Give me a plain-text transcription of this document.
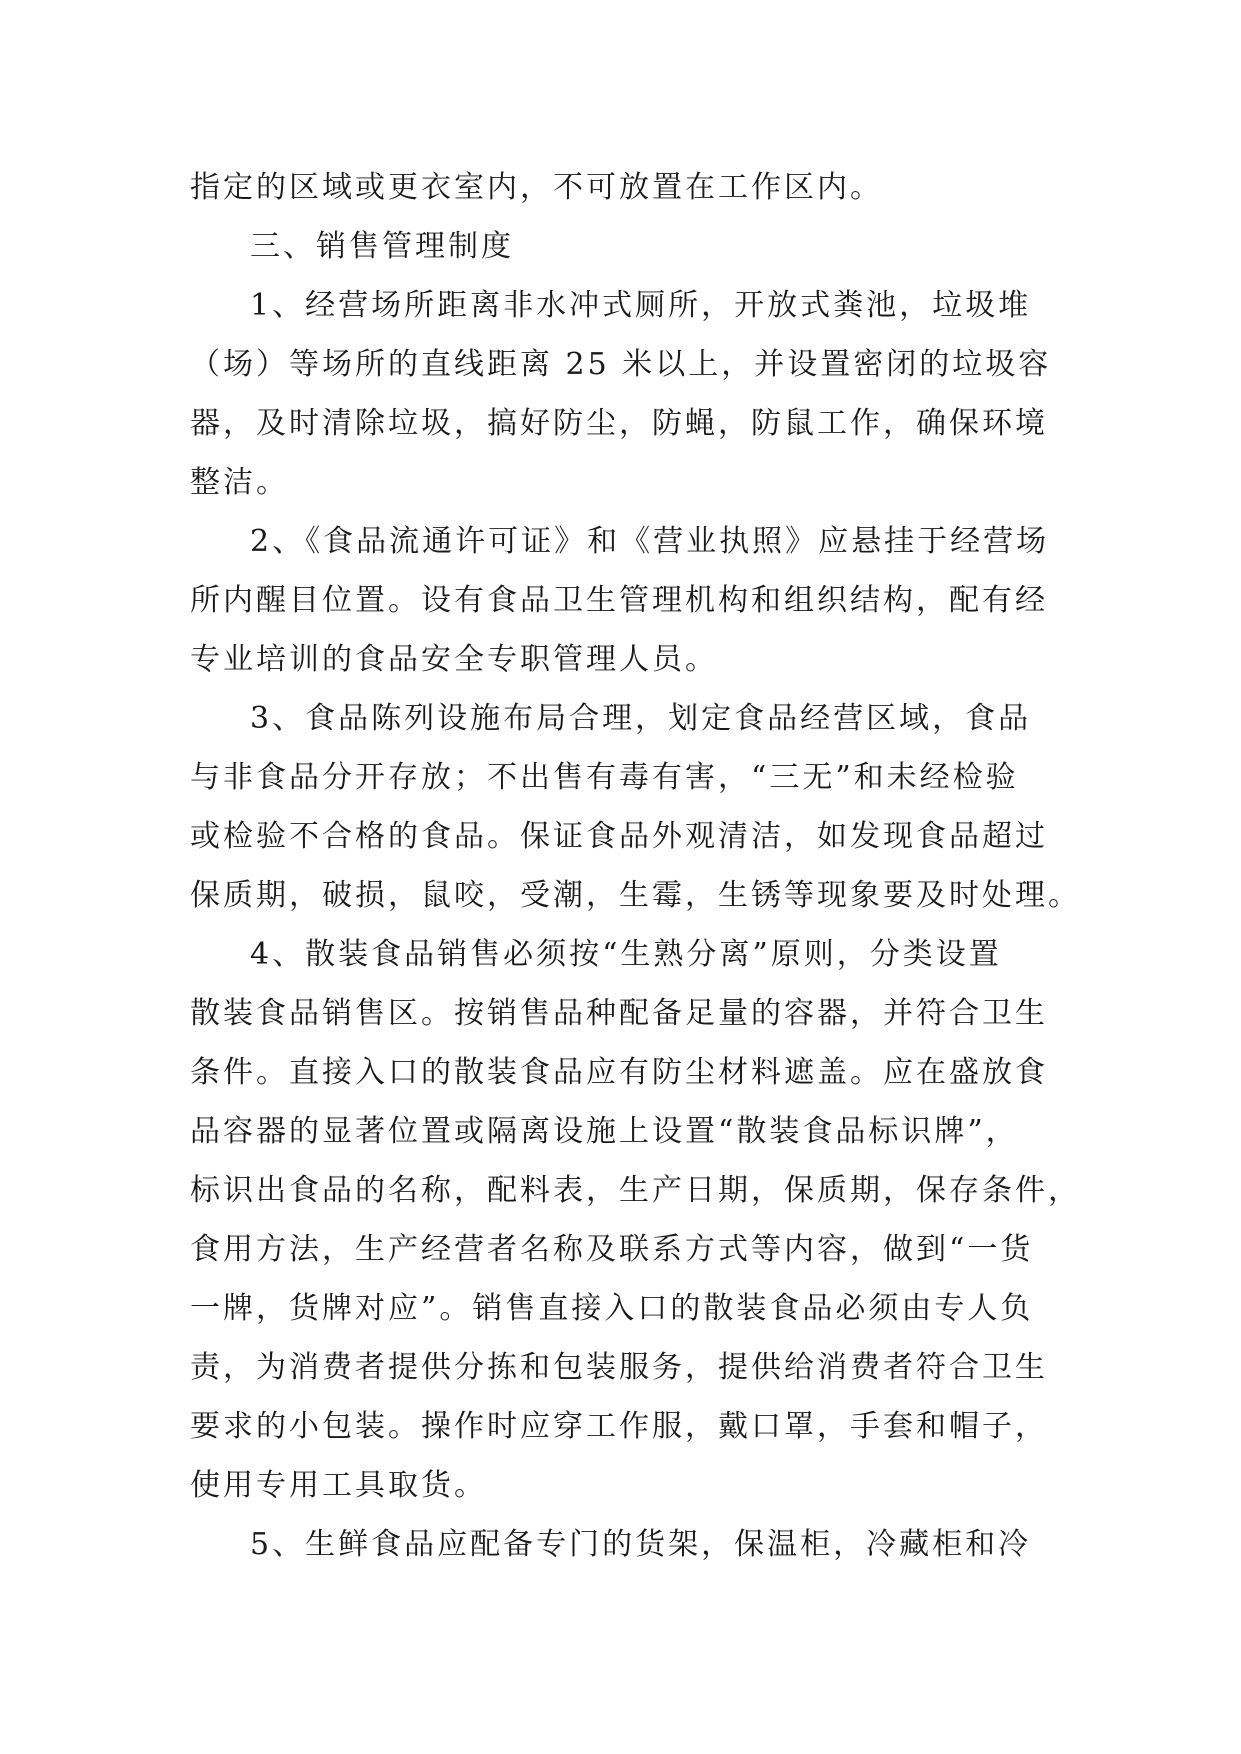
指定的区域或更衣室内，不可放置在工作区内。
三、销售管理制度
1、经营场所距离非水冲式厕所，开放式粪池，垃圾堆
（场）等场所的直线距离 25 米以上，并设置密闭的垃圾容
器，及时清除垃圾，搞好防尘，防蝇，防鼠工作，确保环境
整洁。
2、《食品流通许可证》和《营业执照》应悬挂于经营场
所内醒目位置。设有食品卫生管理机构和组织结构，配有经
专业培训的食品安全专职管理人员。
3、食品陈列设施布局合理，划定食品经营区域，食品
与非食品分开存放；不出售有毒有害，“三无”和未经检验
或检验不合格的食品。保证食品外观清洁，如发现食品超过
保质期，破损，鼠咬，受潮，生霉，生锈等现象要及时处理。
4、散装食品销售必须按“生熟分离”原则，分类设置
散装食品销售区。按销售品种配备足量的容器，并符合卫生
条件。直接入口的散装食品应有防尘材料遮盖。应在盛放食
品容器的显著位置或隔离设施上设置“散装食品标识牌”，
标识出食品的名称，配料表，生产日期，保质期，保存条件，
食用方法，生产经营者名称及联系方式等内容，做到“一货
一牌，货牌对应”。销售直接入口的散装食品必须由专人负
责，为消费者提供分拣和包装服务，提供给消费者符合卫生
要求的小包装。操作时应穿工作服，戴口罩，手套和帽子，
使用专用工具取货。
5、生鲜食品应配备专门的货架，保温柜，冷藏柜和冷
